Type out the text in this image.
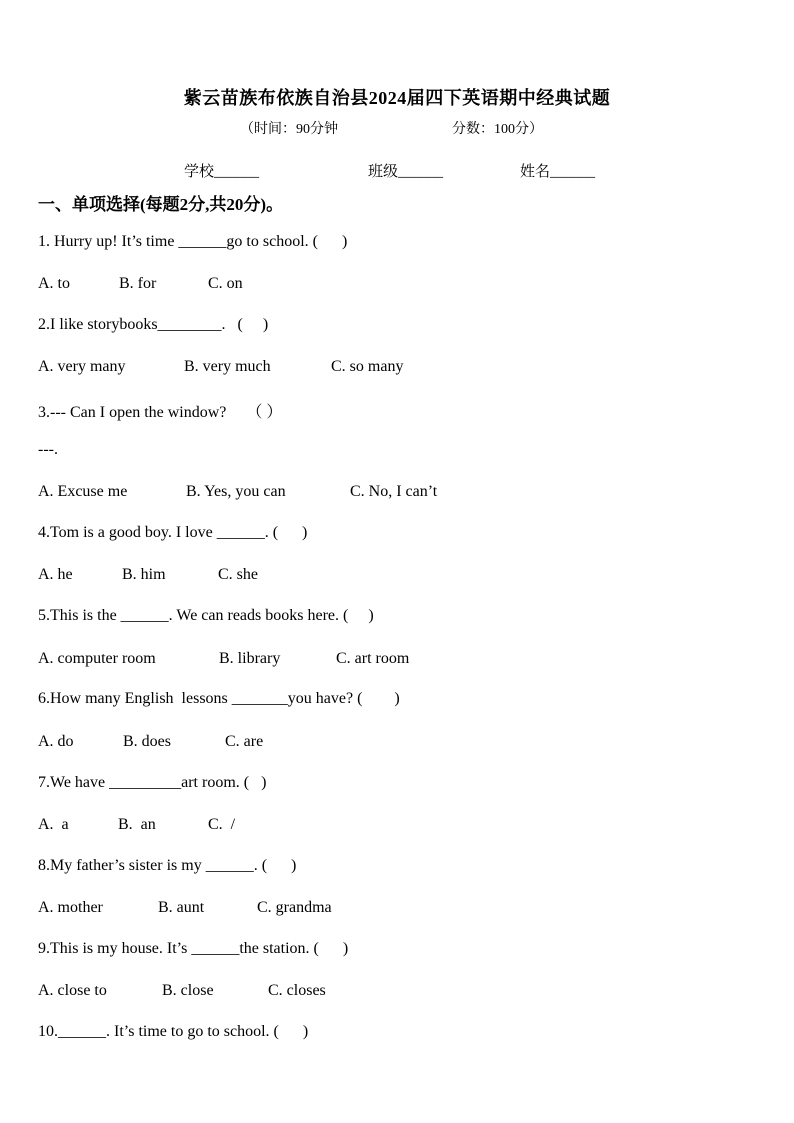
紫云苗族布依族自治县2024届四下英语期中经典试题
（时间：90分钟	分数：100分）
学校______	班级______	姓名______
一、单项选择(每题2分,共20分)。
1. Hurry up! It’s time ______go to school. (      )
A. to	B. for	C. on
2.I like storybooks________.   (     )
A. very many	B. very much	C. so many
3.--- Can I open the window?     （ ）
---.
A. Excuse me	B. Yes, you can	C. No, I can’t
4.Tom is a good boy. I love ______. (      )
A. he	B. him	C. she
5.This is the ______. We can reads books here. (     )
A. computer room	B. library	C. art room
6.How many English  lessons _______you have? (        )
A. do	B. does	C. are
7.We have _________art room. (   )
A.  a	B.  an	C.  /
8.My father’s sister is my ______. (      )
A. mother	B. aunt	C. grandma
9.This is my house. It’s ______the station. (      )
A. close to	B. close	C. closes
10.______. It’s time to go to school. (      )
